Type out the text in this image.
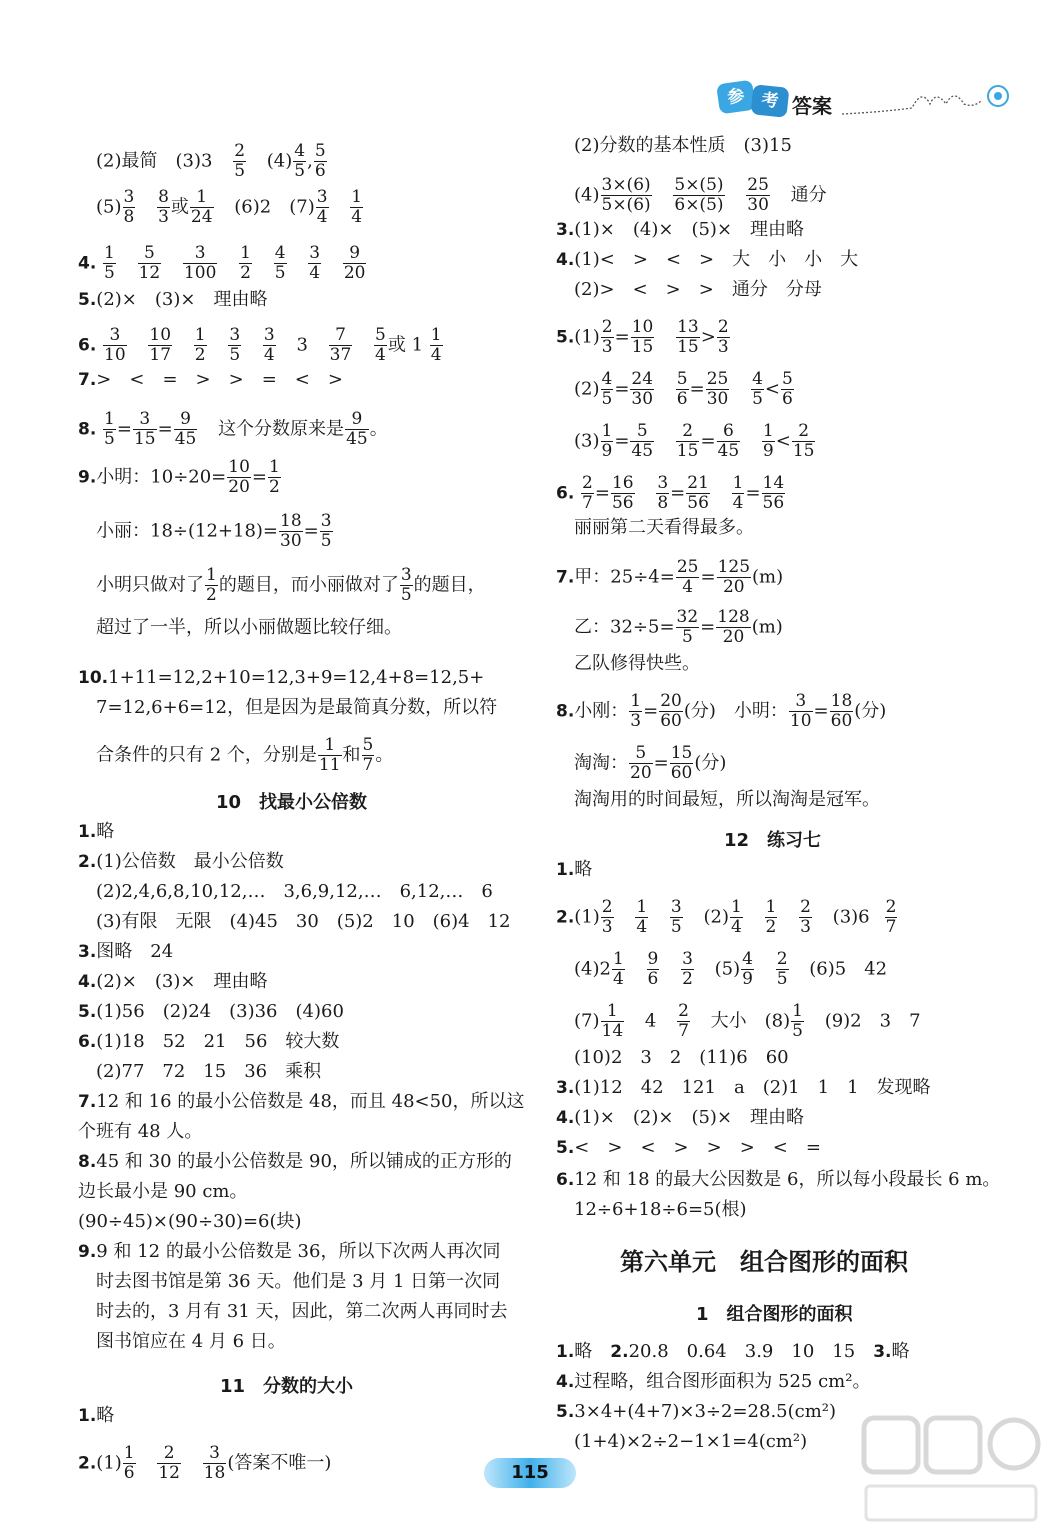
参 考 答案
(2)最简　$(3)3 \frac{2}{5} (4) \frac{4}{5}$ , $\frac{5}{6}$
$(5) \frac{3}{8}$
$\frac{8}{3}$ 或 $\frac{1}{24} (6)2$　$(7) \frac{3}{4}$
$\frac{1}{4}$
4. $\frac{1}{5}$
$\frac{5}{12}$
$\frac{3}{100}$
$\frac{1}{2}$
$\frac{4}{5}$
$\frac{3}{4}$
$\frac{9}{20}$
5.(2)×　(3)×　理由略
6. $\frac{3}{10}$
$\frac{10}{17}$
$\frac{1}{2}$
$\frac{3}{5}$
$\frac{3}{4} 3 \frac{7}{37}$
$\frac{5}{4}$ 或 $1 \frac{1}{4}$
7.>　<　=　>　>　=　<　>
8. $\frac{1}{5} = \frac{3}{15} = \frac{9}{45}$ 这个分数原来是 $\frac{9}{45}$ 。
9.小明：$10\div 20= \frac{10}{20} = \frac{1}{2}$
小丽：$18\div(12+18)= \frac{18}{30} = \frac{3}{5}$
小明只做对了 $\frac{1}{2}$ 的题目，而小丽做对了 $\frac{3}{5}$ 的题目，
超过了一半，所以小丽做题比较仔细。
10.1+11=12,2+10=12,3+9=12,4+8=12,5+
7=12,6+6=12，但是因为是最简真分数，所以符
合条件的只有 2 个，分别是 $\frac{1}{11}$ 和 $\frac{5}{7}$ 。
10　找最小公倍数
1.略
2.(1)公倍数　最小公倍数
(2)2,4,6,8,10,12,…　3,6,9,12,…　6,12,…　6
(3)有限　无限　(4)45　30　(5)2　10　(6)4　12
3.图略　24
4.(2)×　(3)×　理由略
5.(1)56　(2)24　(3)36　(4)60
6.(1)18　52　21　56　较大数
(2)77　72　15　36　乘积
7.12 和 16 的最小公倍数是 48，而且 48<50，所以这
个班有 48 人。
8.45 和 30 的最小公倍数是 90，所以铺成的正方形的
边长最小是 90 cm。
(90÷45)×(90÷30)=6(块)
9.9 和 12 的最小公倍数是 36，所以下次两人再次同
时去图书馆是第 36 天。他们是 3 月 1 日第一次同
时去的，3 月有 31 天，因此，第二次两人再同时去
图书馆应在 4 月 6 日。
11　分数的大小
1.略
$2.(1) \frac{1}{6}$
$\frac{2}{12}$
$\frac{3}{18}$ (答案不唯一)
(2)分数的基本性质　(3)15
$(4) \frac{3\times(6)}{5\times(6)}$
$\frac{5\times(5)}{6\times(5)}$
$\frac{25}{30}$ 通分
3.(1)×　(4)×　(5)×　理由略
4.(1)<　>　<　>　大　小　小　大
(2)>　<　>　>　通分　分母
$5.(1) \frac{2}{3} = \frac{10}{15}$
$\frac{13}{15} > \frac{2}{3}$
$(2) \frac{4}{5} = \frac{24}{30}$
$\frac{5}{6} = \frac{25}{30}$
$\frac{4}{5} < \frac{5}{6}$
$(3) \frac{1}{9} = \frac{5}{45}$
$\frac{2}{15} = \frac{6}{45}$
$\frac{1}{9} < \frac{2}{15}$
6. $\frac{2}{7} = \frac{16}{56}$
$\frac{3}{8} = \frac{21}{56}$
$\frac{1}{4} = \frac{14}{56}$
丽丽第二天看得最多。
7.甲：$25\div 4= \frac{25}{4} = \frac{125}{20} (m)$
乙：$32\div 5= \frac{32}{5} = \frac{128}{20} (m)$
乙队修得快些。
8.小刚： $\frac{1}{3} = \frac{20}{60}$ (分)　小明： $\frac{3}{10} = \frac{18}{60}$ (分)
淘淘： $\frac{5}{20} = \frac{15}{60}$ (分)
淘淘用的时间最短，所以淘淘是冠军。
12　练习七
1.略
$2.(1) \frac{2}{3}$
$\frac{1}{4}$
$\frac{3}{5} (2) \frac{1}{4}$
$\frac{1}{2}$
$\frac{2}{3} (3)6 \frac{2}{7}$
$(4)2 \frac{1}{4}$
$\frac{9}{6}$
$\frac{3}{2} (5) \frac{4}{9}$
$\frac{2}{5} (6)5$　42
$(7) \frac{1}{14} 4 \frac{2}{7}$ 大小　$(8) \frac{1}{5} (9)2$　3　7
(10)2　3　2　(11)6　60
3.(1)12　42　121　a　(2)1　1　1　发现略
4.(1)×　(2)×　(5)×　理由略
5.<　>　<　>　>　>　<　=
6.12 和 18 的最大公因数是 6，所以每小段最长 6 m。
12÷6+18÷6=5(根)
第六单元　组合图形的面积
1　组合图形的面积
1.略　2.20.8　0.64　3.9　10　15　3.略
4.过程略，组合图形面积为 525 cm²。
5.3×4+(4+7)×3÷2=28.5(cm²)
(1+4)×2÷2−1×1=4(cm²)
115
